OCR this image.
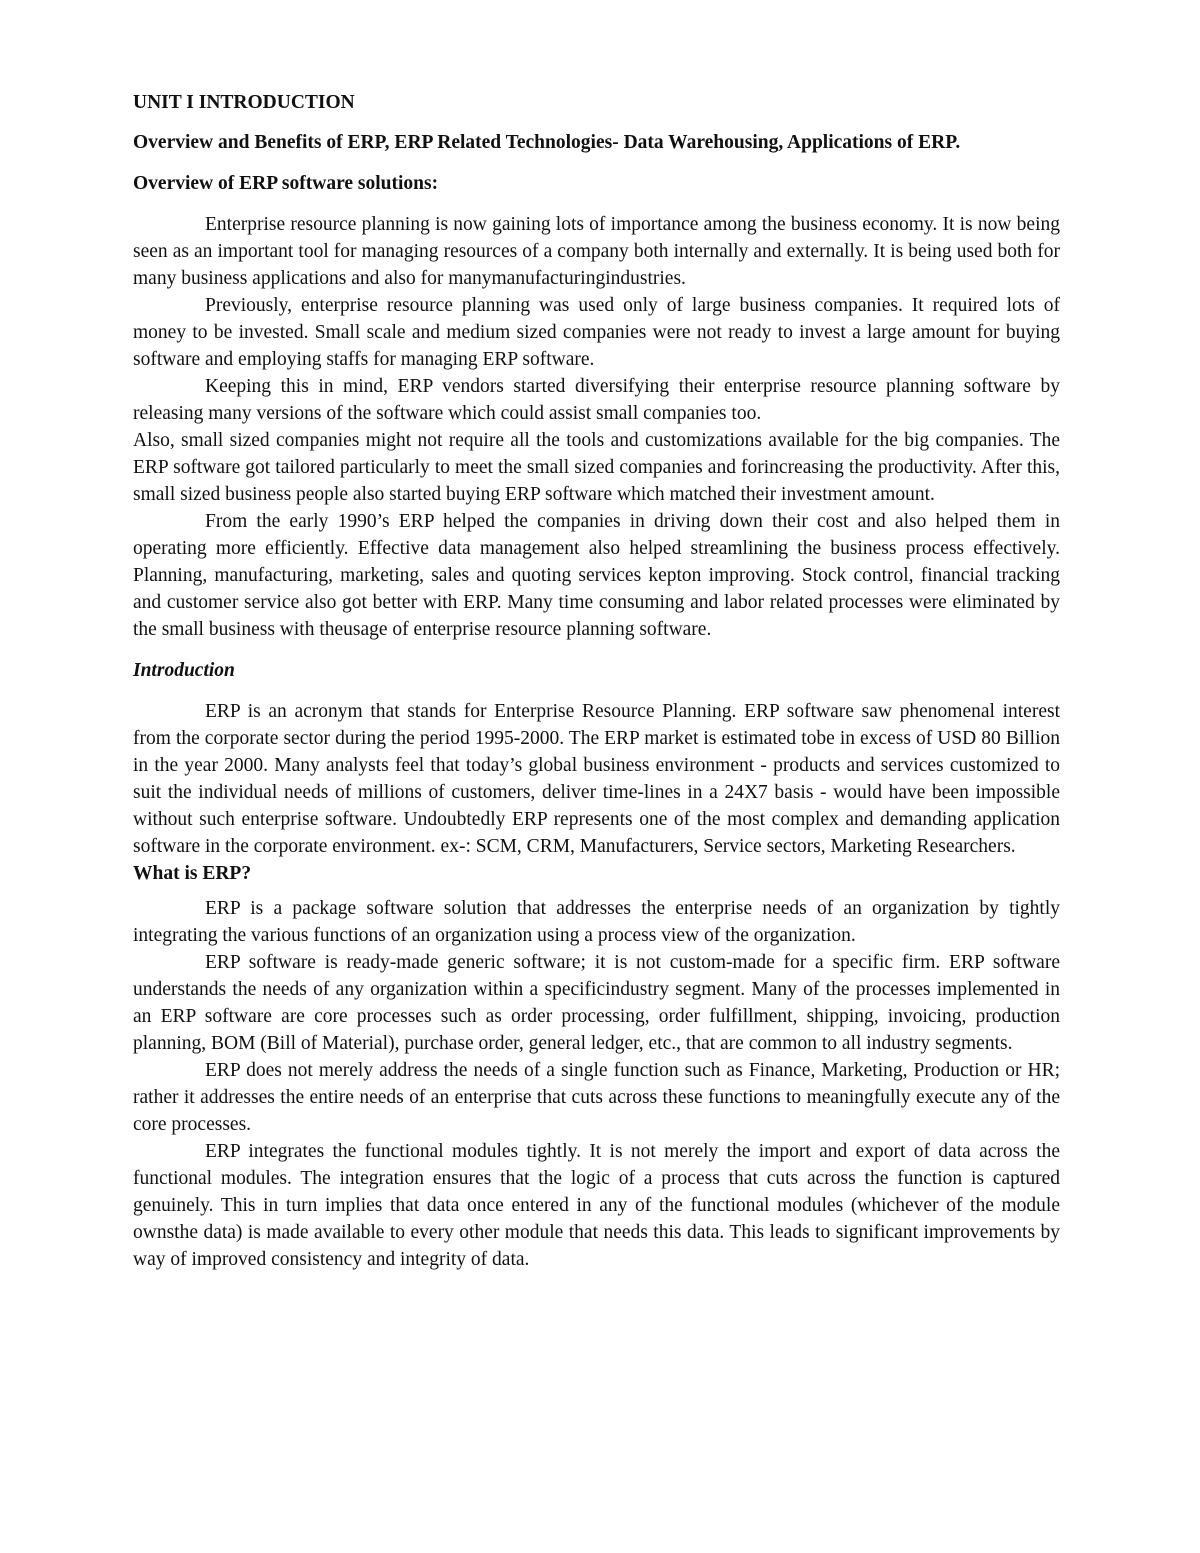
UNIT I INTRODUCTION
Overview and Benefits of ERP, ERP Related Technologies- Data Warehousing, Applications of ERP.
Overview of ERP software solutions:

Enterprise resource planning is now gaining lots of importance among the business economy. It is now being seen as an important tool for managing resources of a company both internally and externally. It is being used both for many business applications and also for manymanufacturingindustries.

Previously, enterprise resource planning was used only of large business companies. It required lots of money to be invested. Small scale and medium sized companies were not ready to invest a large amount for buying software and employing staffs for managing ERP software.

Keeping this in mind, ERP vendors started diversifying their enterprise resource planning software by releasing many versions of the software which could assist small companies too.

Also, small sized companies might not require all the tools and customizations available for the big companies. The ERP software got tailored particularly to meet the small sized companies and forincreasing the productivity. After this, small sized business people also started buying ERP software which matched their investment amount.

From the early 1990’s ERP helped the companies in driving down their cost and also helped them in operating more efficiently. Effective data management also helped streamlining the business process effectively. Planning, manufacturing, marketing, sales and quoting services kepton improving. Stock control, financial tracking and customer service also got better with ERP. Many time consuming and labor related processes were eliminated by the small business with theusage of enterprise resource planning software.

Introduction

ERP is an acronym that stands for Enterprise Resource Planning. ERP software saw phenomenal interest from the corporate sector during the period 1995-2000. The ERP market is estimated tobe in excess of USD 80 Billion in the year 2000. Many analysts feel that today’s global business environment - products and services customized to suit the individual needs of millions of customers, deliver time-lines in a 24X7 basis - would have been impossible without such enterprise software. Undoubtedly ERP represents one of the most complex and demanding application software in the corporate environment. ex-: SCM, CRM, Manufacturers, Service sectors, Marketing Researchers.

What is ERP?

ERP is a package software solution that addresses the enterprise needs of an organization by tightly integrating the various functions of an organization using a process view of the organization.

ERP software is ready-made generic software; it is not custom-made for a specific firm. ERP software understands the needs of any organization within a specificindustry segment. Many of the processes implemented in an ERP software are core processes such as order processing, order fulfillment, shipping, invoicing, production planning, BOM (Bill of Material), purchase order, general ledger, etc., that are common to all industry segments.

ERP does not merely address the needs of a single function such as Finance, Marketing, Production or HR; rather it addresses the entire needs of an enterprise that cuts across these functions to meaningfully execute any of the core processes.

ERP integrates the functional modules tightly. It is not merely the import and export of data across the functional modules. The integration ensures that the logic of a process that cuts across the function is captured genuinely. This in turn implies that data once entered in any of the functional modules (whichever of the module ownsthe data) is made available to every other module that needs this data. This leads to significant improvements by way of improved consistency and integrity of data.
